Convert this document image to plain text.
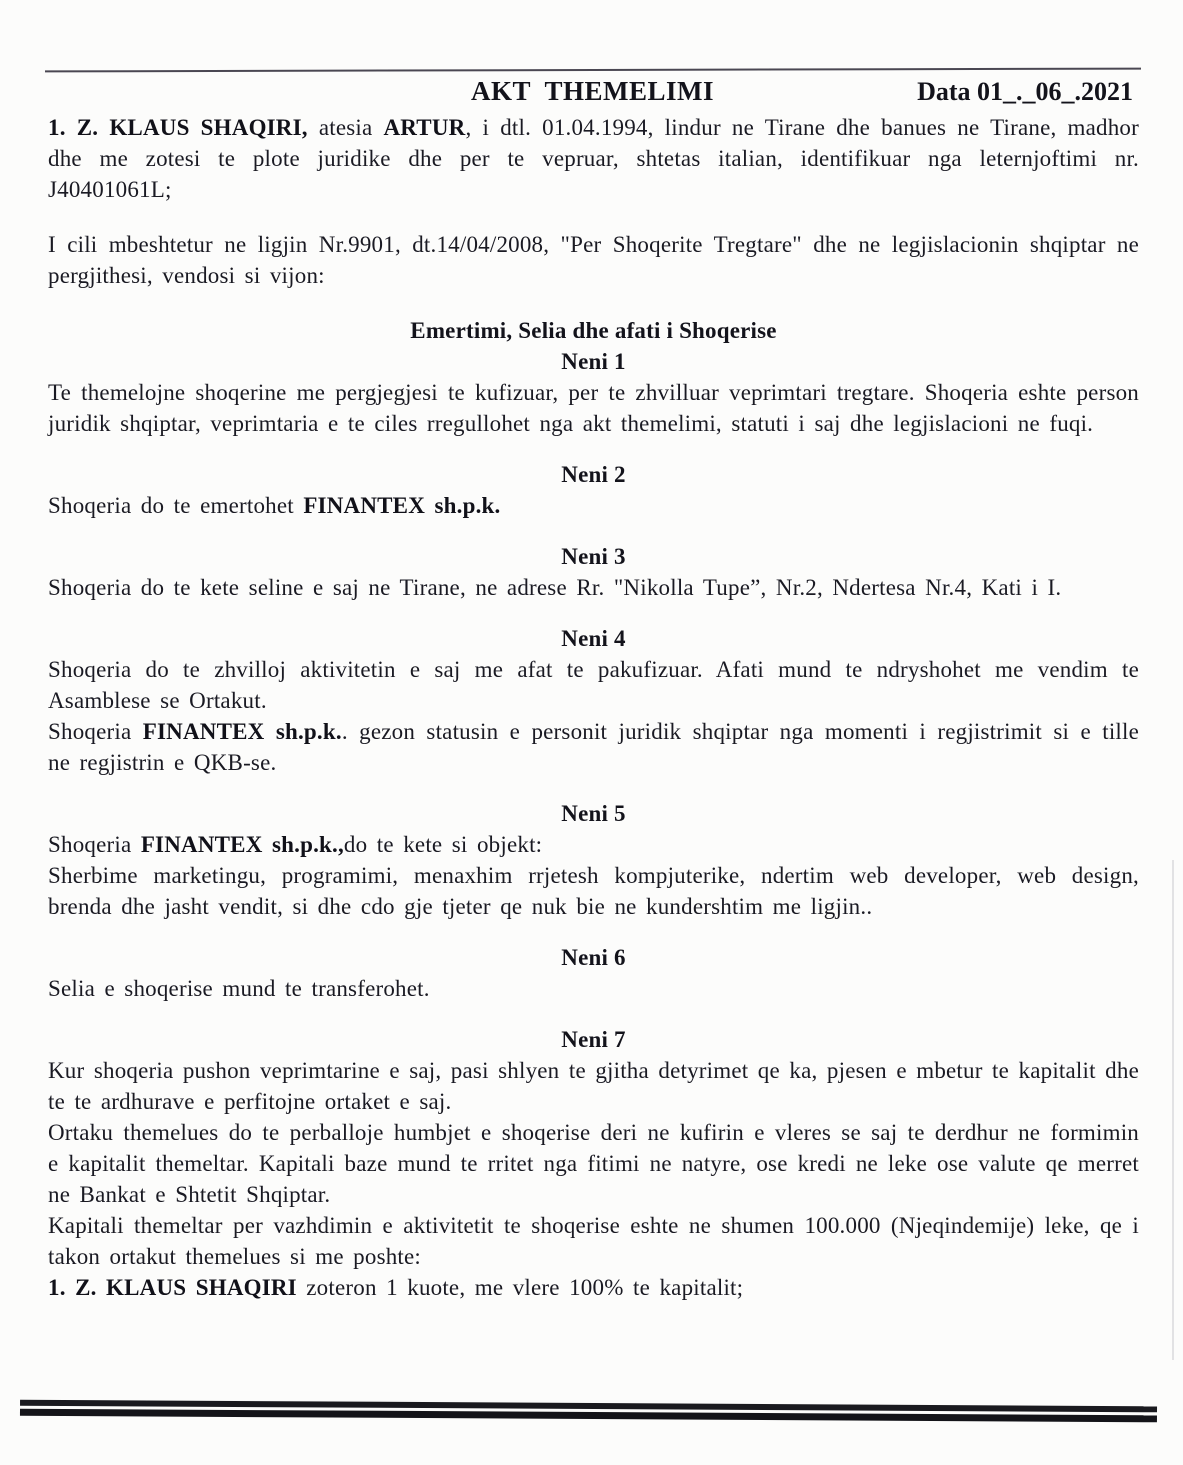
AKT  THEMELIMI	Data 01_._06_.2021

1. Z. KLAUS SHAQIRI, atesia ARTUR, i dtl. 01.04.1994, lindur ne Tirane dhe banues ne Tirane, madhor dhe me zotesi te plote juridike dhe per te vepruar, shtetas italian, identifikuar nga leternjoftimi nr. J40401061L;

I cili mbeshtetur ne ligjin Nr.9901, dt.14/04/2008, "Per Shoqerite Tregtare" dhe ne legjislacionin shqiptar ne pergjithesi, vendosi si vijon:

Emertimi, Selia dhe afati i Shoqerise
Neni 1

Te themelojne shoqerine me pergjegjesi te kufizuar, per te zhvilluar veprimtari tregtare. Shoqeria eshte person juridik shqiptar, veprimtaria e te ciles rregullohet nga akt themelimi, statuti i saj dhe legjislacioni ne fuqi.

Neni 2

Shoqeria do te emertohet FINANTEX sh.p.k.

Neni 3

Shoqeria do te kete seline e saj ne Tirane, ne adrese Rr. "Nikolla Tupe”, Nr.2, Ndertesa Nr.4, Kati i I.

Neni 4

Shoqeria do te zhvilloj aktivitetin e saj me afat te pakufizuar. Afati mund te ndryshohet me vendim te Asamblese se Ortakut.

Shoqeria FINANTEX sh.p.k.. gezon statusin e personit juridik shqiptar nga momenti i regjistrimit si e tille ne regjistrin e QKB-se.

Neni 5

Shoqeria FINANTEX sh.p.k.,do te kete si objekt:

Sherbime marketingu, programimi, menaxhim rrjetesh kompjuterike, ndertim web developer, web design, brenda dhe jasht vendit, si dhe cdo gje tjeter qe nuk bie ne kundershtim me ligjin..

Neni 6

Selia e shoqerise mund te transferohet.

Neni 7

Kur shoqeria pushon veprimtarine e saj, pasi shlyen te gjitha detyrimet qe ka, pjesen e mbetur te kapitalit dhe te te ardhurave e perfitojne ortaket e saj.

Ortaku themelues do te perballoje humbjet e shoqerise deri ne kufirin e vleres se saj te derdhur ne formimin e kapitalit themeltar. Kapitali baze mund te rritet nga fitimi ne natyre, ose kredi ne leke ose valute qe merret ne Bankat e Shtetit Shqiptar.

Kapitali themeltar per vazhdimin e aktivitetit te shoqerise eshte ne shumen 100.000 (Njeqindemije) leke, qe i takon ortakut themelues si me poshte:

1. Z. KLAUS SHAQIRI zoteron 1 kuote, me vlere 100% te kapitalit;
